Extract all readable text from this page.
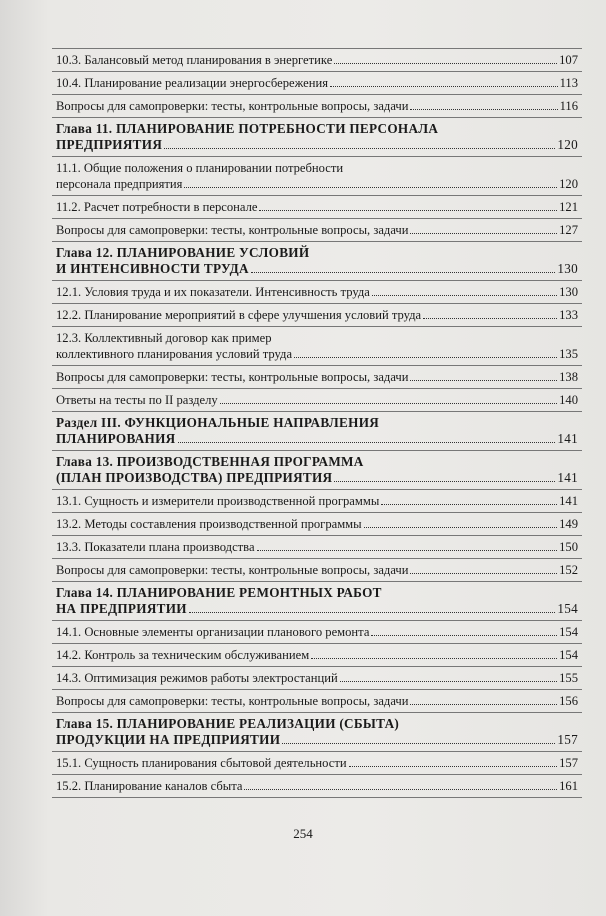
10.3. Балансовый метод планирования в энергетике	107
10.4. Планирование реализации энергосбережения	113
Вопросы для самопроверки: тесты, контрольные вопросы, задачи	116
Глава 11. ПЛАНИРОВАНИЕ ПОТРЕБНОСТИ ПЕРСОНАЛА
ПРЕДПРИЯТИЯ	120
11.1. Общие положения о планировании потребности
персонала предприятия	120
11.2. Расчет потребности в персонале	121
Вопросы для самопроверки: тесты, контрольные вопросы, задачи	127
Глава 12. ПЛАНИРОВАНИЕ УСЛОВИЙ
И ИНТЕНСИВНОСТИ ТРУДА	130
12.1. Условия труда и их показатели. Интенсивность труда	130
12.2. Планирование мероприятий в сфере улучшения условий труда	133
12.3. Коллективный договор как пример
коллективного планирования условий труда	135
Вопросы для самопроверки: тесты, контрольные вопросы, задачи	138
Ответы на тесты по II разделу	140
Раздел III. ФУНКЦИОНАЛЬНЫЕ НАПРАВЛЕНИЯ
ПЛАНИРОВАНИЯ	141
Глава 13. ПРОИЗВОДСТВЕННАЯ ПРОГРАММА
(ПЛАН ПРОИЗВОДСТВА) ПРЕДПРИЯТИЯ	141
13.1. Сущность и измерители производственной программы	141
13.2. Методы составления производственной программы	149
13.3. Показатели плана производства	150
Вопросы для самопроверки: тесты, контрольные вопросы, задачи	152
Глава 14. ПЛАНИРОВАНИЕ РЕМОНТНЫХ РАБОТ
НА ПРЕДПРИЯТИИ	154
14.1. Основные элементы организации планового ремонта	154
14.2. Контроль за техническим обслуживанием	154
14.3. Оптимизация режимов работы электростанций	155
Вопросы для самопроверки: тесты, контрольные вопросы, задачи	156
Глава 15. ПЛАНИРОВАНИЕ РЕАЛИЗАЦИИ (СБЫТА)
ПРОДУКЦИИ НА ПРЕДПРИЯТИИ	157
15.1. Сущность планирования сбытовой деятельности	157
15.2. Планирование каналов сбыта	161
254
